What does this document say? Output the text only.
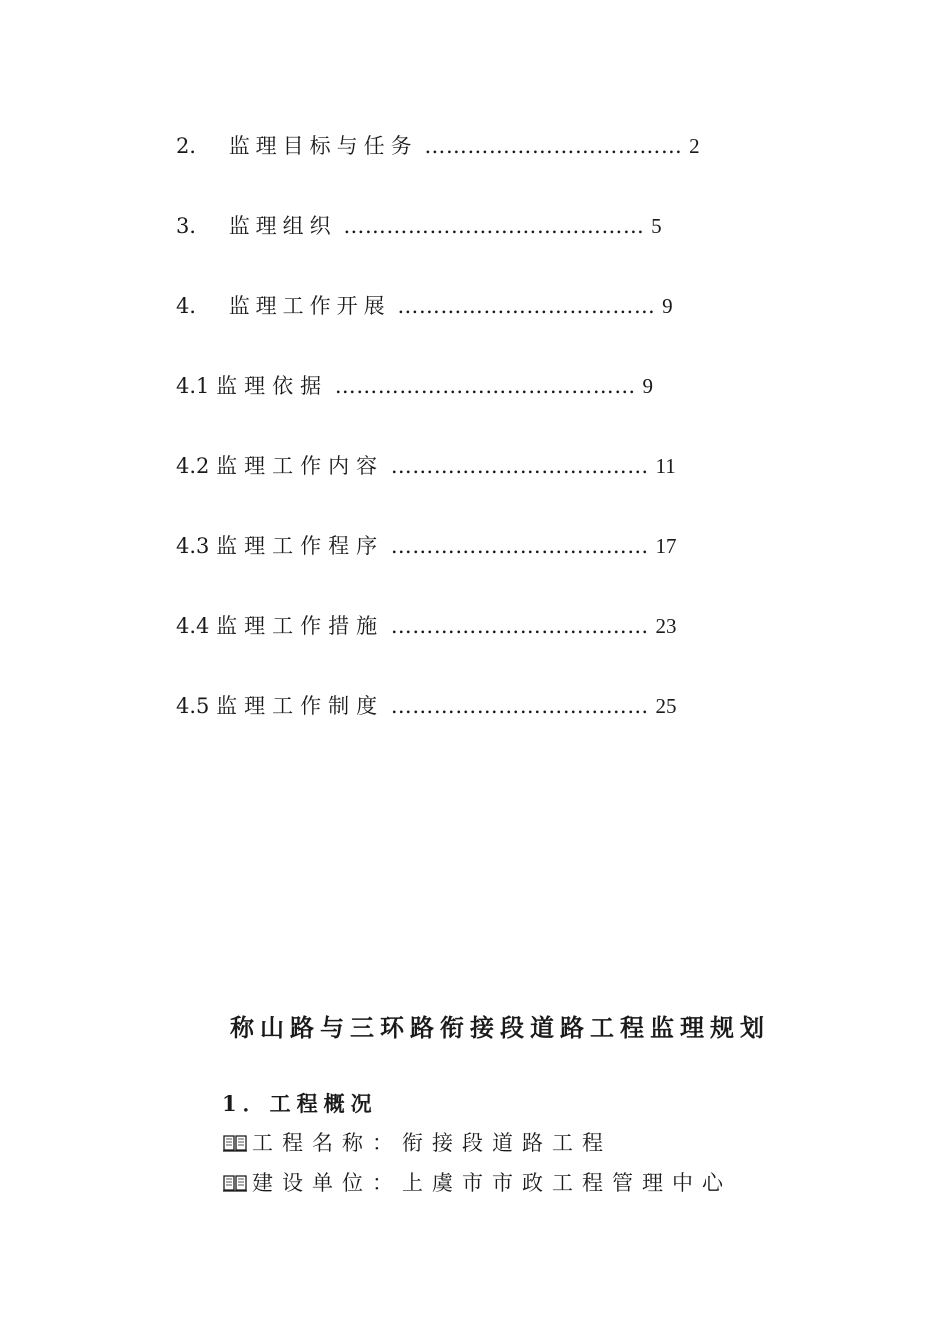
2． 监理目标与任务 ……………………………… 2
3． 监理组织 …………………………………… 5
4． 监理工作开展 ……………………………… 9
4.1 监理依据 …………………………………… 9
4.2 监理工作内容 ……………………………… 11
4.3 监理工作程序 ……………………………… 17
4.4 监理工作措施 ……………………………… 23
4.5 监理工作制度 ……………………………… 25
称山路与三环路衔接段道路工程监理规划
1．工程概况
工程名称：衔接段道路工程
建设单位：上虞市市政工程管理中心
